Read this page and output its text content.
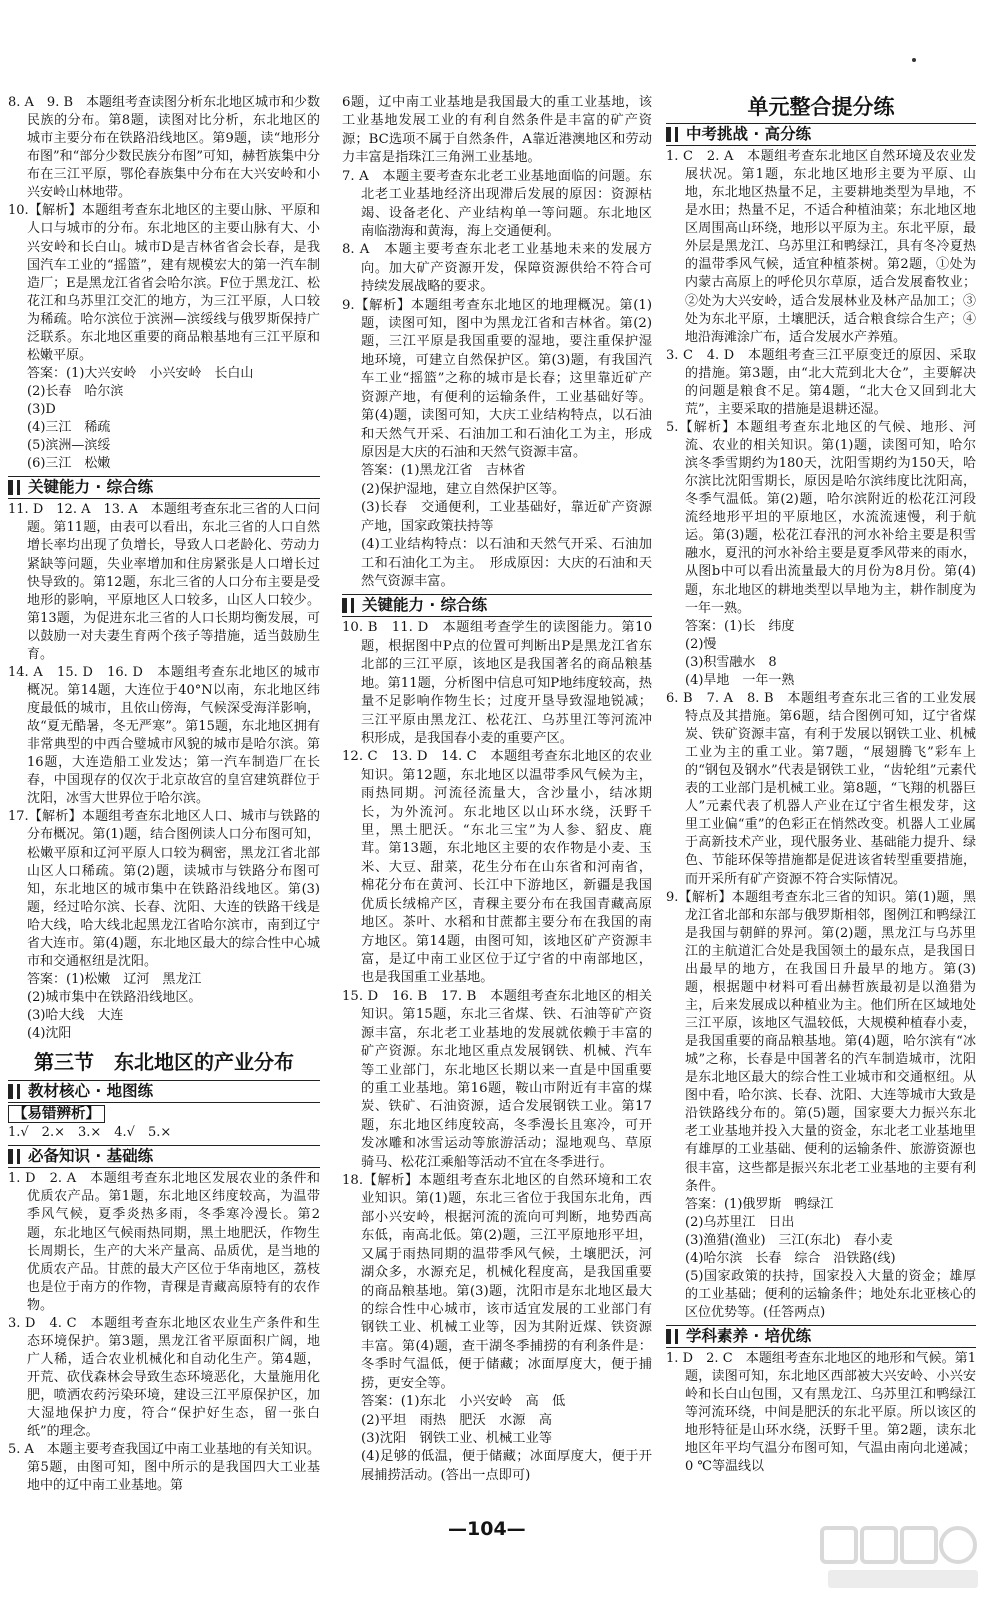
8. A　9. B　本题组考查读图分析东北地区城市和少数民族的分布。第8题，读图对比分析，东北地区的城市主要分布在铁路沿线地区。第9题，读“地形分布图”和“部分少数民族分布图”可知，赫哲族集中分布在三江平原，鄂伦春族集中分布在大兴安岭和小兴安岭山林地带。

10.【解析】本题组考查东北地区的主要山脉、平原和人口与城市的分布。东北地区的主要山脉有大、小兴安岭和长白山。城市D是吉林省省会长春，是我国汽车工业的“摇篮”，建有规模宏大的第一汽车制造厂；E是黑龙江省省会哈尔滨。F位于黑龙江、松花江和乌苏里江交汇的地方，为三江平原，人口较为稀疏。哈尔滨位于滨洲—滨绥线与俄罗斯保持广泛联系。东北地区重要的商品粮基地有三江平原和松嫩平原。

答案：(1)大兴安岭　小兴安岭　长白山

(2)长春　哈尔滨

(3)D

(4)三江　稀疏

(5)滨洲—滨绥

(6)三江　松嫩

关键能力 · 综合练

11. D　12. A　13. A　本题组考查东北三省的人口问题。第11题，由表可以看出，东北三省的人口自然增长率均出现了负增长，导致人口老龄化、劳动力紧缺等问题，失业率增加和住房紧张是人口增长过快导致的。第12题，东北三省的人口分布主要是受地形的影响，平原地区人口较多，山区人口较少。第13题，为促进东北三省的人口长期均衡发展，可以鼓励一对夫妻生育两个孩子等措施，适当鼓励生育。

14. A　15. D　16. D　本题组考查东北地区的城市概况。第14题，大连位于40°N以南，东北地区纬度最低的城市，且依山傍海，气候深受海洋影响，故“夏无酷暑，冬无严寒”。第15题，东北地区拥有非常典型的中西合璧城市风貌的城市是哈尔滨。第16题，大连造船工业发达；第一汽车制造厂在长春，中国现存的仅次于北京故宫的皇宫建筑群位于沈阳，冰雪大世界位于哈尔滨。

17.【解析】本题组考查东北地区人口、城市与铁路的分布概况。第(1)题，结合图例读人口分布图可知，松嫩平原和辽河平原人口较为稠密，黑龙江省北部山区人口稀疏。第(2)题，读城市与铁路分布图可知，东北地区的城市集中在铁路沿线地区。第(3)题，经过哈尔滨、长春、沈阳、大连的铁路干线是哈大线，哈大线北起黑龙江省哈尔滨市，南到辽宁省大连市。第(4)题，东北地区最大的综合性中心城市和交通枢纽是沈阳。

答案：(1)松嫩　辽河　黑龙江

(2)城市集中在铁路沿线地区。

(3)哈大线　大连

(4)沈阳

第三节　东北地区的产业分布
教材核心 · 地图练

【易错辨析】
1.√　2.×　3.×　4.√　5.×

必备知识 · 基础练

1. D　2. A　本题组考查东北地区发展农业的条件和优质农产品。第1题，东北地区纬度较高，为温带季风气候，夏季炎热多雨，冬季寒冷漫长。第2题，东北地区气候雨热同期，黑土地肥沃，作物生长周期长，生产的大米产量高、品质优，是当地的优质农产品。甘蔗的最大产区位于华南地区，荔枝也是位于南方的作物，青稞是青藏高原特有的农作物。

3. D　4. C　本题组考查东北地区农业生产条件和生态环境保护。第3题，黑龙江省平原面积广阔，地广人稀，适合农业机械化和自动化生产。第4题，开荒、砍伐森林会导致生态环境恶化，大量施用化肥，喷洒农药污染环境，建设三江平原保护区，加大湿地保护力度，符合“保护好生态，留一张白纸”的理念。

5. A　本题主要考查我国辽中南工业基地的有关知识。第5题，由图可知，图中所示的是我国四大工业基地中的辽中南工业基地。第

6题，辽中南工业基地是我国最大的重工业基地，该工业基地发展工业的有利自然条件是丰富的矿产资源；BC选项不属于自然条件，A靠近港澳地区和劳动力丰富是指珠江三角洲工业基地。

7. A　本题主要考查东北老工业基地面临的问题。东北老工业基地经济出现滞后发展的原因：资源枯竭、设备老化、产业结构单一等问题。东北地区南临渤海和黄海，海上交通便利。

8. A　本题主要考查东北老工业基地未来的发展方向。加大矿产资源开发，保障资源供给不符合可持续发展战略的要求。

9.【解析】本题组考查东北地区的地理概况。第(1)题，读图可知，图中为黑龙江省和吉林省。第(2)题，三江平原是我国重要的湿地，要注重保护湿地环境，可建立自然保护区。第(3)题，有我国汽车工业“摇篮”之称的城市是长春；这里靠近矿产资源产地，有便利的运输条件，工业基础好等。第(4)题，读图可知，大庆工业结构特点，以石油和天然气开采、石油加工和石油化工为主，形成原因是大庆的石油和天然气资源丰富。

答案：(1)黑龙江省　吉林省

(2)保护湿地，建立自然保护区等。

(3)长春　交通便利，工业基础好，靠近矿产资源产地，国家政策扶持等

(4)工业结构特点：以石油和天然气开采、石油加工和石油化工为主。　形成原因：大庆的石油和天然气资源丰富。

关键能力 · 综合练

10. B　11. D　本题组考查学生的读图能力。第10题，根据图中P点的位置可判断出P是黑龙江省东北部的三江平原，该地区是我国著名的商品粮基地。第11题，分析图中信息可知P地纬度较高，热量不足影响作物生长；过度开垦导致湿地锐减；三江平原由黑龙江、松花江、乌苏里江等河流冲积形成，是我国春小麦的重要产区。

12. C　13. D　14. C　本题组考查东北地区的农业知识。第12题，东北地区以温带季风气候为主，雨热同期。河流径流量大，含沙量小，结冰期长，为外流河。东北地区以山环水绕，沃野千里，黑土肥沃。“东北三宝”为人参、貂皮、鹿茸。第13题，东北地区主要的农作物是小麦、玉米、大豆、甜菜，花生分布在山东省和河南省，棉花分布在黄河、长江中下游地区，新疆是我国优质长绒棉产区，青稞主要分布在我国青藏高原地区。茶叶、水稻和甘蔗都主要分布在我国的南方地区。第14题，由图可知，该地区矿产资源丰富，是辽中南工业区位于辽宁省的中南部地区，也是我国重工业基地。

15. D　16. B　17. B　本题组考查东北地区的相关知识。第15题，东北三省煤、铁、石油等矿产资源丰富，东北老工业基地的发展就依赖于丰富的矿产资源。东北地区重点发展钢铁、机械、汽车等工业部门，东北地区长期以来一直是中国重要的重工业基地。第16题，鞍山市附近有丰富的煤炭、铁矿、石油资源，适合发展钢铁工业。第17题，东北地区纬度较高，冬季漫长且寒冷，可开发冰雕和冰雪运动等旅游活动；湿地观鸟、草原骑马、松花江乘船等活动不宜在冬季进行。

18.【解析】本题组考查东北地区的自然环境和工农业知识。第(1)题，东北三省位于我国东北角，西部小兴安岭，根据河流的流向可判断，地势西高东低，南高北低。第(2)题，三江平原地形平坦，又属于雨热同期的温带季风气候，土壤肥沃，河湖众多，水源充足，机械化程度高，是我国重要的商品粮基地。第(3)题，沈阳市是东北地区最大的综合性中心城市，该市适宜发展的工业部门有钢铁工业、机械工业等，因为其附近煤、铁资源丰富。第(4)题，查干湖冬季捕捞的有利条件是：冬季时气温低，便于储藏；冰面厚度大，便于捕捞，更安全等。

答案：(1)东北　小兴安岭　高　低

(2)平坦　雨热　肥沃　水源　高

(3)沈阳　钢铁工业、机械工业等

(4)足够的低温，便于储藏；冰面厚度大，便于开展捕捞活动。(答出一点即可)

单元整合提分练
中考挑战 · 高分练

1. C　2. A　本题组考查东北地区自然环境及农业发展状况。第1题，东北地区地形主要为平原、山地，东北地区热量不足，主要耕地类型为旱地，不是水田；热量不足，不适合种植油菜；东北地区地区周围高山环绕，地形以平原为主。东北平原，最外层是黑龙江、乌苏里江和鸭绿江，具有冬冷夏热的温带季风气候，适宜种植茶树。第2题，①处为内蒙古高原上的呼伦贝尔草原，适合发展畜牧业；②处为大兴安岭，适合发展林业及林产品加工；③处为东北平原，土壤肥沃，适合粮食综合生产；④地沿海滩涂广布，适合发展水产养殖。

3. C　4. D　本题组考查三江平原变迁的原因、采取的措施。第3题，由“北大荒到北大仓”，主要解决的问题是粮食不足。第4题，“北大仓又回到北大荒”，主要采取的措施是退耕还湿。

5.【解析】本题组考查东北地区的气候、地形、河流、农业的相关知识。第(1)题，读图可知，哈尔滨冬季雪期约为180天，沈阳雪期约为150天，哈尔滨比沈阳雪期长，原因是哈尔滨纬度比沈阳高，冬季气温低。第(2)题，哈尔滨附近的松花江河段流经地形平坦的平原地区，水流流速慢，利于航运。第(3)题，松花江春汛的河水补给主要是积雪融水，夏汛的河水补给主要是夏季风带来的雨水，从图b中可以看出流量最大的月份为8月份。第(4)题，东北地区的耕地类型以旱地为主，耕作制度为一年一熟。

答案：(1)长　纬度

(2)慢

(3)积雪融水　8

(4)旱地　一年一熟

6. B　7. A　8. B　本题组考查东北三省的工业发展特点及其措施。第6题，结合图例可知，辽宁省煤炭、铁矿资源丰富，有利于发展以钢铁工业、机械工业为主的重工业。第7题，“展翅腾飞”彩车上的“钢包及钢水”代表是钢铁工业，“齿轮组”元素代表的工业部门是机械工业。第8题，“飞翔的机器巨人”元素代表了机器人产业在辽宁省生根发芽，这里工业偏“重”的色彩正在悄然改变。机器人工业属于高新技术产业，现代服务业、基础能力提升、绿色、节能环保等措施都是促进该省转型重要措施，而开采所有矿产资源不符合实际情况。

9.【解析】本题组考查东北三省的知识。第(1)题，黑龙江省北部和东部与俄罗斯相邻，图例江和鸭绿江是我国与朝鲜的界河。第(2)题，黑龙江与乌苏里江的主航道汇合处是我国领土的最东点，是我国日出最早的地方，在我国日升最早的地方。第(3)题，根据题中材料可看出赫哲族最初是以渔猎为主，后来发展成以种植业为主。他们所在区域地处三江平原，该地区气温较低，大规模种植春小麦，是我国重要的商品粮基地。第(4)题，哈尔滨有“冰城”之称，长春是中国著名的汽车制造城市，沈阳是东北地区最大的综合性工业城市和交通枢纽。从图中看，哈尔滨、长春、沈阳、大连等城市大致是沿铁路线分布的。第(5)题，国家要大力振兴东北老工业基地并投入大量的资金，东北老工业基地里有雄厚的工业基础、便利的运输条件、旅游资源也很丰富，这些都是振兴东北老工业基地的主要有利条件。

答案：(1)俄罗斯　鸭绿江

(2)乌苏里江　日出

(3)渔猎(渔业)　三江(东北)　春小麦

(4)哈尔滨　长春　综合　沿铁路(线)

(5)国家政策的扶持，国家投入大量的资金；雄厚的工业基础；便利的运输条件；地处东北亚核心的区位优势等。(任答两点)

学科素养 · 培优练

1. D　2. C　本题组考查东北地区的地形和气候。第1题，读图可知，东北地区西部被大兴安岭、小兴安岭和长白山包围，又有黑龙江、乌苏里江和鸭绿江等河流环绕，中间是肥沃的东北平原。所以该区的地形特征是山环水绕，沃野千里。第2题，读东北地区年平均气温分布图可知，气温由南向北递减；0 ℃等温线以

—104—
